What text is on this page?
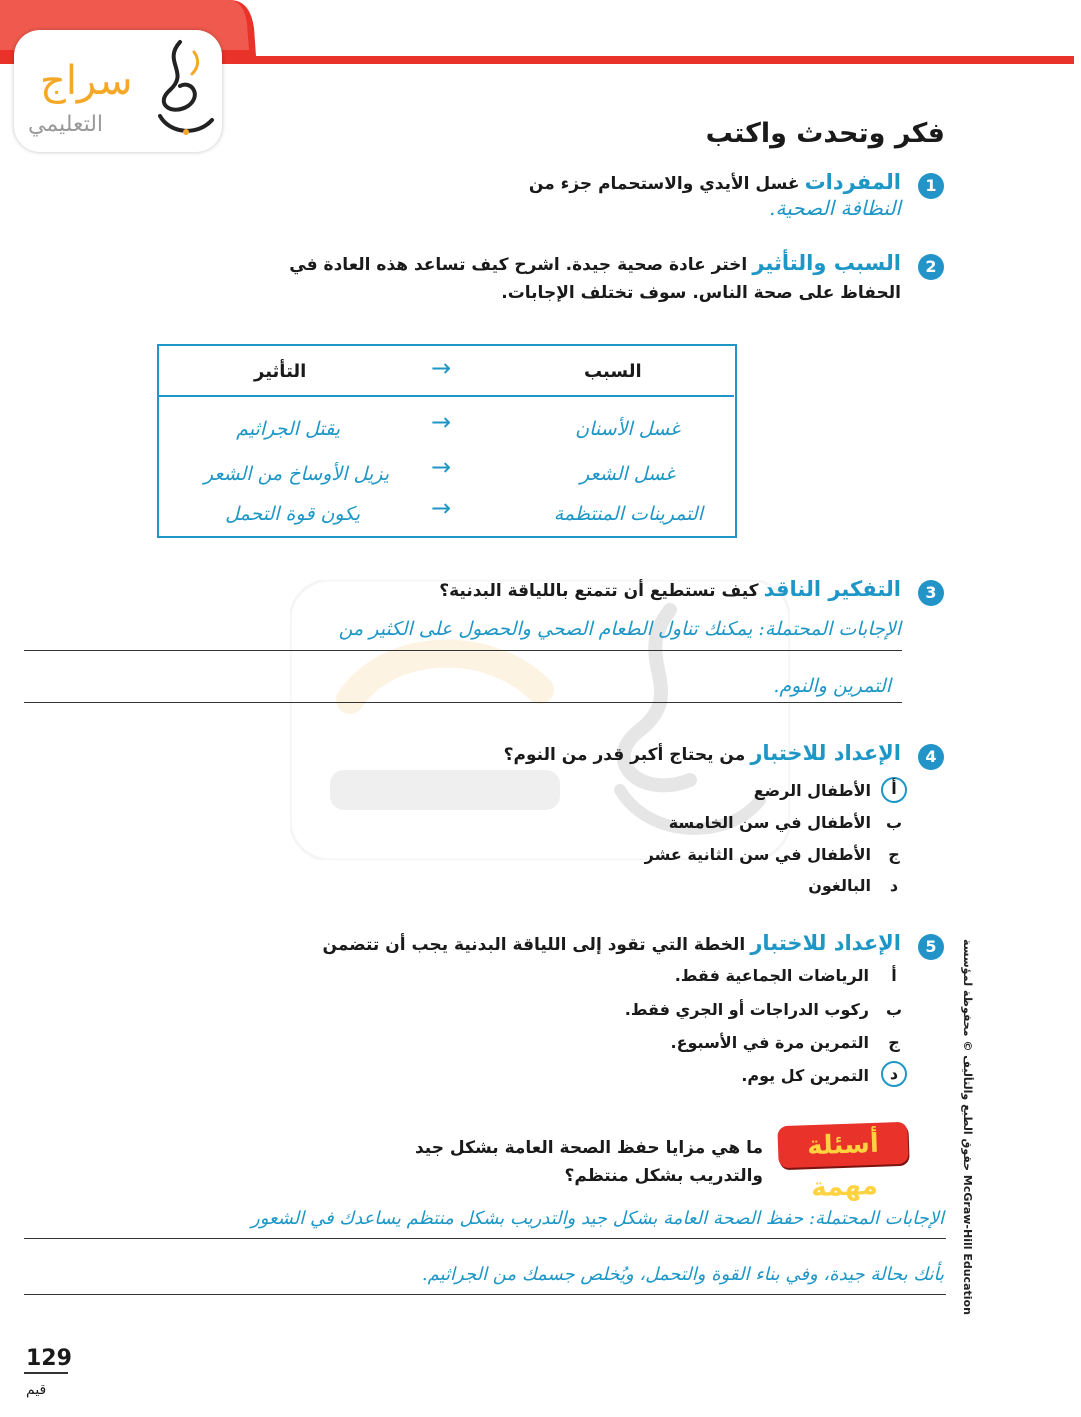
سراج
التعليمي	فكر وتحدث واكتب
1
المفردات غسل الأيدي والاستحمام جزء من
النظافة الصحية.
2
السبب والتأثير اختر عادة صحية جيدة. اشرح كيف تساعد هذه العادة في
الحفاظ على صحة الناس. سوف تختلف الإجابات.
السبب
→
التأثير
غسل الأسنان
→
يقتل الجراثيم
غسل الشعر
→
يزيل الأوساخ من الشعر
التمرينات المنتظمة
→
يكون قوة التحمل
3
التفكير الناقد كيف تستطيع أن تتمتع باللياقة البدنية؟
الإجابات المحتملة: يمكنك تناول الطعام الصحي والحصول على الكثير من
التمرين والنوم.
4
الإعداد للاختبار من يحتاج أكبر قدر من النوم؟
أ
الأطفال الرضع
ب
الأطفال في سن الخامسة
ج
الأطفال في سن الثانية عشر
د
البالغون
5
الإعداد للاختبار الخطة التي تقود إلى اللياقة البدنية يجب أن تتضمن
أ
الرياضات الجماعية فقط.
ب
ركوب الدراجات أو الجري فقط.
ج
التمرين مرة في الأسبوع.
د
التمرين كل يوم.
أسئلة مهمة
ما هي مزايا حفظ الصحة العامة بشكل جيد
والتدريب بشكل منتظم؟
الإجابات المحتملة: حفظ الصحة العامة بشكل جيد والتدريب بشكل منتظم يساعدك في الشعور
بأنك بحالة جيدة، وفي بناء القوة والتحمل، ويُخلص جسمك من الجراثيم.
حقوق الطبع والتأليف © محفوظة لمؤسسة McGraw-Hill Education
129
قيم
